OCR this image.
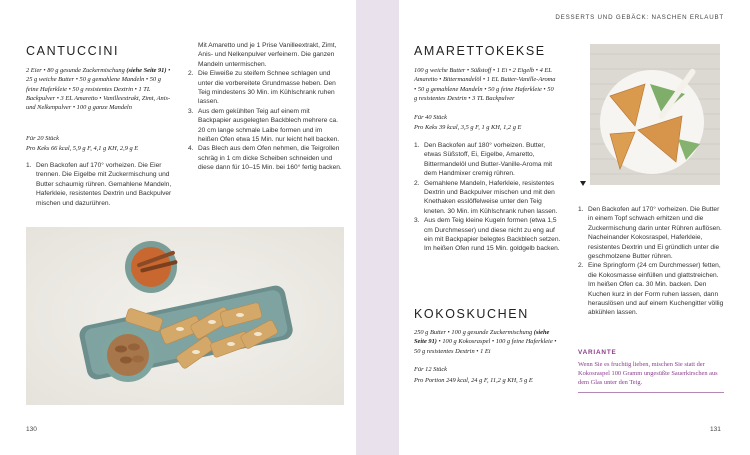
CANTUCCINI

2 Eier • 80 g gesunde Zuckermischung (siehe Seite 91) • 25 g weiche Butter • 50 g gemahlene Mandeln • 50 g feine Haferkleie • 50 g resistentes Dextrin • 1 TL Backpulver • 3 EL Amaretto • Vanilleextrakt, Zimt, Anis- und Nelkenpulver • 100 g ganze Mandeln

Für 20 Stück
Pro Keks 66 kcal, 5,9 g F, 4,1 g KH, 2,9 g E
1. Den Backofen auf 170° vorheizen. Die Eier trennen. Die Eigelbe mit Zuckermischung und Butter schaumig rühren. Gemahlene Mandeln, Haferkleie, resistentes Dextrin und Backpulver mischen und dazurühren.
Mit Amaretto und je 1 Prise Vanilleextrakt, Zimt, Anis- und Nelkenpulver verfeinern. Die ganzen Mandeln untermischen.
2. Die Eiweiße zu steifem Schnee schlagen und unter die vorbereitete Grundmasse heben. Den Teig mindestens 30 Min. im Kühlschrank ruhen lassen.
3. Aus dem gekühlten Teig auf einem mit Backpapier ausgelegten Backblech mehrere ca. 20 cm lange schmale Laibe formen und im heißen Ofen etwa 15 Min. nur leicht hell backen.
4. Das Blech aus dem Ofen nehmen, die Teigrollen schräg in 1 cm dicke Scheiben schneiden und diese dann für 10–15 Min. bei 160° fertig backen.
130
DESSERTS UND GEBÄCK: NASCHEN ERLAUBT
AMARETTOKEKSE

100 g weiche Butter • Süßstoff • 1 Ei • 2 Eigelb • 4 EL Amaretto • Bittermandelöl • 1 EL Butter-Vanille-Aroma • 50 g gemahlene Mandeln • 50 g feine Haferkleie • 50 g resistentes Dextrin • 3 TL Backpulver

Für 40 Stück
Pro Keks 39 kcal, 3,5 g F, 1 g KH, 1,2 g E
1. Den Backofen auf 180° vorheizen. Butter, etwas Süßstoff, Ei, Eigelbe, Amaretto, Bittermandelöl und Butter-Vanille-Aroma mit dem Handmixer cremig rühren.
2. Gemahlene Mandeln, Haferkleie, resistentes Dextrin und Backpulver mischen und mit den Knethaken esslöffelweise unter den Teig kneten. 30 Min. im Kühlschrank ruhen lassen.
3. Aus dem Teig kleine Kugeln formen (etwa 1,5 cm Durchmesser) und diese nicht zu eng auf ein mit Backpapier belegtes Backblech setzen. Im heißen Ofen rund 15 Min. goldgelb backen.
KOKOSKUCHEN

250 g Butter • 100 g gesunde Zuckermischung (siehe Seite 91) • 100 g Kokosraspel • 100 g feine Haferkleie • 50 g resistentes Dextrin • 1 Ei

Für 12 Stück
Pro Portion 249 kcal, 24 g F, 11,2 g KH, 5 g E
1. Den Backofen auf 170° vorheizen. Die Butter in einem Topf schwach erhitzen und die Zuckermischung darin unter Rühren auflösen. Nacheinander Kokosraspel, Haferkleie, resistentes Dextrin und Ei gründlich unter die geschmolzene Butter rühren.
2. Eine Springform (24 cm Durchmesser) fetten, die Kokosmasse einfüllen und glattstreichen. Im heißen Ofen ca. 30 Min. backen. Den Kuchen kurz in der Form ruhen lassen, dann herauslösen und auf einem Kuchengitter völlig abkühlen lassen.
VARIANTE

Wenn Sie es fruchtig lieben, mischen Sie statt der Kokosraspel 100 Gramm ungesüßte Sauerkirschen aus dem Glas unter den Teig.

131
